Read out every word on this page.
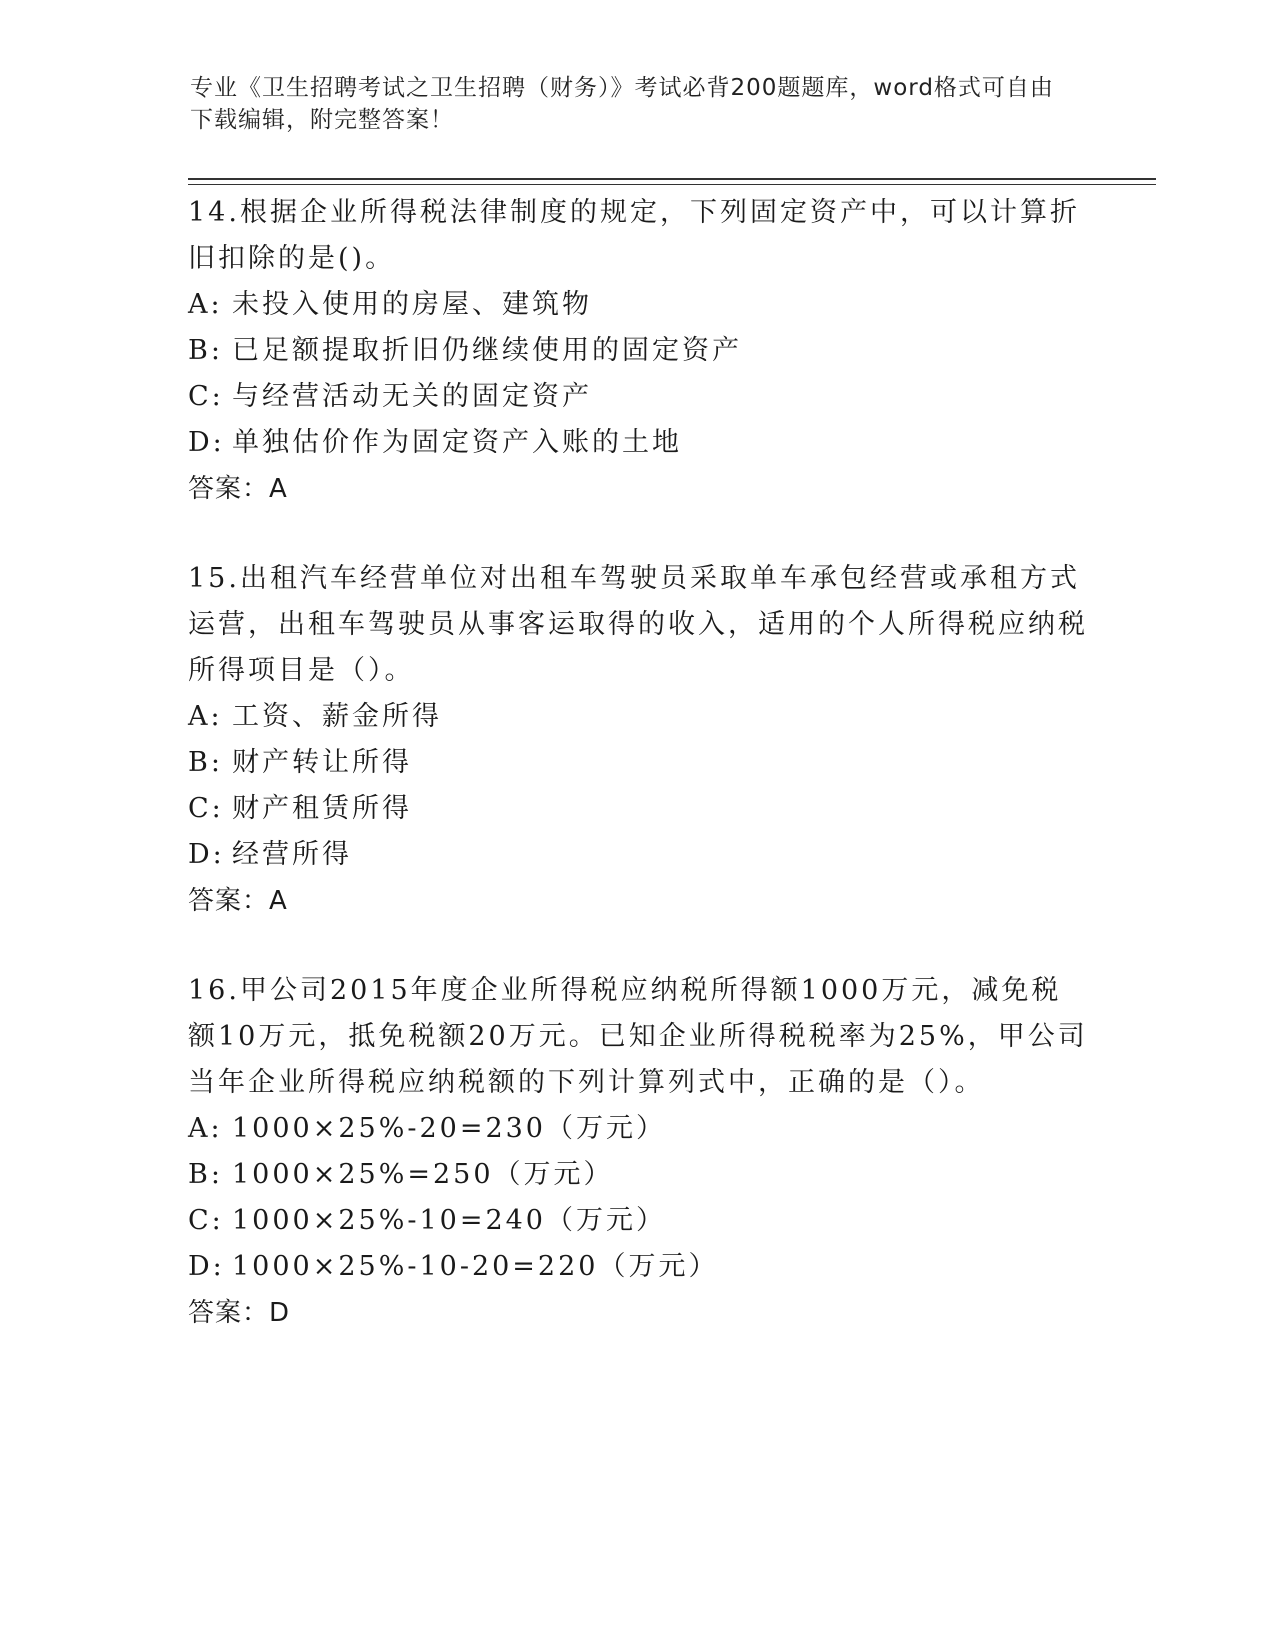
专业《卫生招聘考试之卫生招聘（财务）》考试必背200题题库，word格式可自由下载编辑，附完整答案！

14.根据企业所得税法律制度的规定，下列固定资产中，可以计算折旧扣除的是()。

A: 未投入使用的房屋、建筑物

B: 已足额提取折旧仍继续使用的固定资产

C: 与经营活动无关的固定资产

D: 单独估价作为固定资产入账的土地

答案：A

15.出租汽车经营单位对出租车驾驶员采取单车承包经营或承租方式运营，出租车驾驶员从事客运取得的收入，适用的个人所得税应纳税所得项目是（）。

A: 工资、薪金所得

B: 财产转让所得

C: 财产租赁所得

D: 经营所得

答案：A

16.甲公司2015年度企业所得税应纳税所得额1000万元，减免税额10万元，抵免税额20万元。已知企业所得税税率为25%，甲公司当年企业所得税应纳税额的下列计算列式中，正确的是（）。

A: 1000×25%-20=230（万元）

B: 1000×25%=250（万元）

C: 1000×25%-10=240（万元）

D: 1000×25%-10-20=220（万元）

答案：D
